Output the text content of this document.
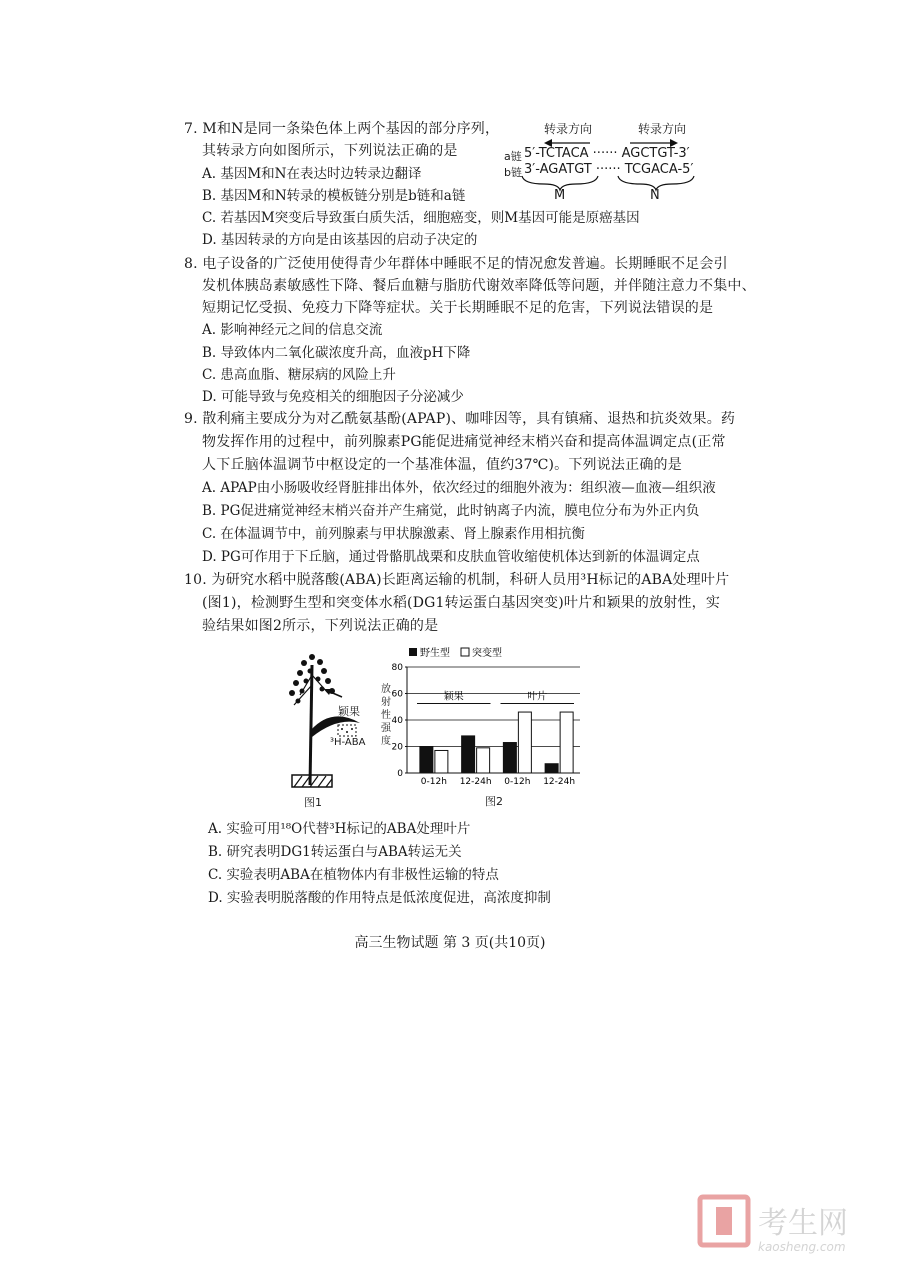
7. M和N是同一条染色体上两个基因的部分序列，
其转录方向如图所示，下列说法正确的是
A. 基因M和N在表达时边转录边翻译
B. 基因M和N转录的模板链分别是b链和a链
C. 若基因M突变后导致蛋白质失活，细胞癌变，则M基因可能是原癌基因
D. 基因转录的方向是由该基因的启动子决定的
转录方向	转录方向
a链 5′-TCTACA ······ AGCTGT-3′
b链 3′-AGATGT ······ TCGACA-5′
M	N
8. 电子设备的广泛使用使得青少年群体中睡眠不足的情况愈发普遍。长期睡眠不足会引
发机体胰岛素敏感性下降、餐后血糖与脂肪代谢效率降低等问题，并伴随注意力不集中、
短期记忆受损、免疫力下降等症状。关于长期睡眠不足的危害，下列说法错误的是
A. 影响神经元之间的信息交流
B. 导致体内二氧化碳浓度升高，血液pH下降
C. 患高血脂、糖尿病的风险上升
D. 可能导致与免疫相关的细胞因子分泌减少
9. 散利痛主要成分为对乙酰氨基酚(APAP)、咖啡因等，具有镇痛、退热和抗炎效果。药
物发挥作用的过程中，前列腺素PG能促进痛觉神经末梢兴奋和提高体温调定点(正常
人下丘脑体温调节中枢设定的一个基准体温，值约37℃)。下列说法正确的是
A. APAP由小肠吸收经肾脏排出体外，依次经过的细胞外液为：组织液—血液—组织液
B. PG促进痛觉神经末梢兴奋并产生痛觉，此时钠离子内流，膜电位分布为外正内负
C. 在体温调节中，前列腺素与甲状腺激素、肾上腺素作用相抗衡
D. PG可作用于下丘脑，通过骨骼肌战栗和皮肤血管收缩使机体达到新的体温调定点
10. 为研究水稻中脱落酸(ABA)长距离运输的机制，科研人员用³H标记的ABA处理叶片
(图1)，检测野生型和突变体水稻(DG1转运蛋白基因突变)叶片和颖果的放射性，实
验结果如图2所示，下列说法正确的是
颖果
³H-ABA
图1
野生型 突变型
0
20
40
60
80
0-12h 12-24h 0-12h 12-24h
颖果	叶片
放射性强度
图2
A. 实验可用¹⁸O代替³H标记的ABA处理叶片
B. 研究表明DG1转运蛋白与ABA转运无关
C. 实验表明ABA在植物体内有非极性运输的特点
D. 实验表明脱落酸的作用特点是低浓度促进，高浓度抑制
高三生物试题 第 3 页(共10页)
考生网
kaosheng.com
